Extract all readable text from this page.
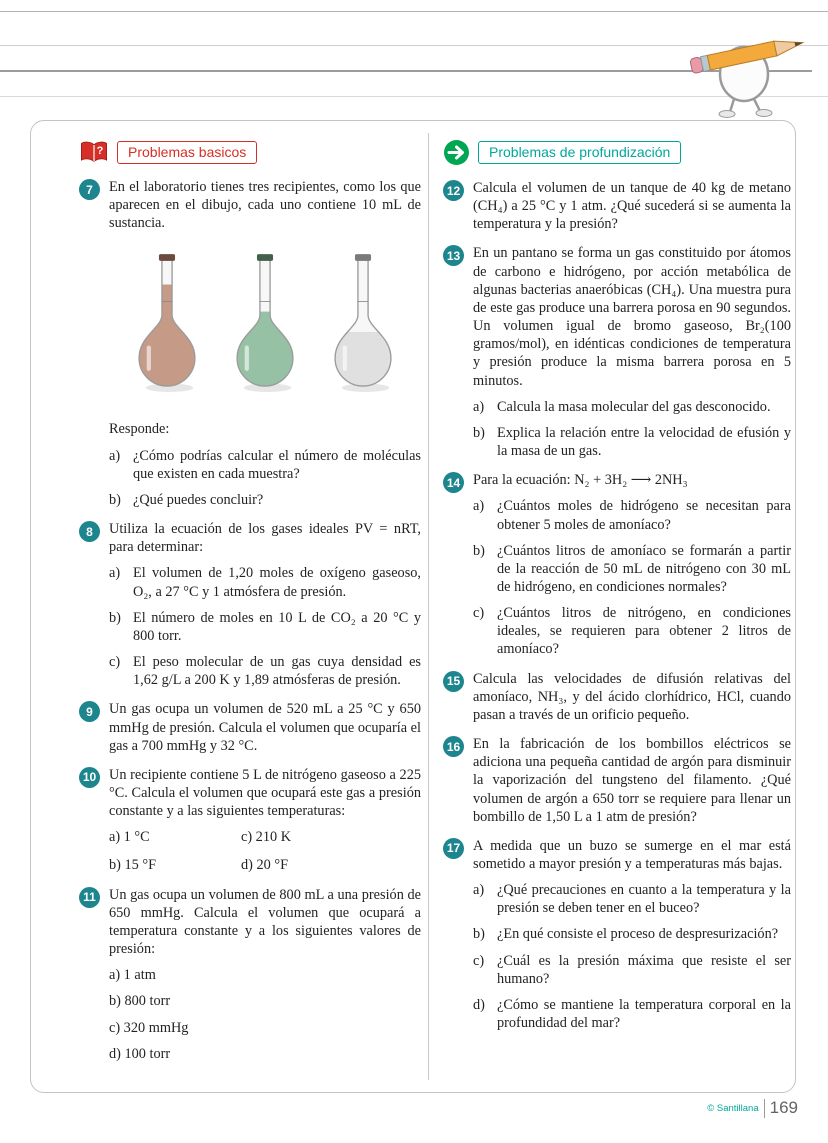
?	Problemas basicos
7	En el laboratorio tienes tres recipientes, como los que aparecen en el dibujo, cada uno contiene 10 mL de sustancia.
Responde:
a) ¿Cómo podrías calcular el número de moléculas que existen en cada muestra?
b) ¿Qué puedes concluir?
8	Utiliza la ecuación de los gases ideales PV = nRT, para determinar:
a) El volumen de 1,20 moles de oxígeno gaseoso, O₂, a 27 °C y 1 atmósfera de presión.
b) El número de moles en 10 L de CO₂ a 20 °C y 800 torr.
c) El peso molecular de un gas cuya densidad es 1,62 g/L a 200 K y 1,89 atmósferas de presión.
9	Un gas ocupa un volumen de 520 mL a 25 °C y 650 mmHg de presión. Calcula el volumen que ocuparía el gas a 700 mmHg y 32 °C.
10 Un recipiente contiene 5 L de nitrógeno gaseoso a 225 °C. Calcula el volumen que ocupará este gas a presión constante y a las siguientes temperaturas:
a) 1 °C	c) 210 K
b) 15 °F	d) 20 °F
11 Un gas ocupa un volumen de 800 mL a una presión de 650 mmHg. Calcula el volumen que ocupará a temperatura constante y a los siguientes valores de presión:
a) 1 atm
b) 800 torr
c) 320 mmHg
d) 100 torr
Problemas de profundización
12 Calcula el volumen de un tanque de 40 kg de metano (CH₄) a 25 °C y 1 atm. ¿Qué sucederá si se aumenta la temperatura y la presión?
13 En un pantano se forma un gas constituido por átomos de carbono e hidrógeno, por acción metabólica de algunas bacterias anaeróbicas (CH₄). Una muestra pura de este gas produce una barrera porosa en 90 segundos. Un volumen igual de bromo gaseoso, Br₂(100 gramos/mol), en idénticas condiciones de temperatura y presión produce la misma barrera porosa en 5 minutos.
a) Calcula la masa molecular del gas desconocido.
b) Explica la relación entre la velocidad de efusión y la masa de un gas.
14 Para la ecuación: N₂ + 3H₂ ⟶ 2NH₃
a) ¿Cuántos moles de hidrógeno se necesitan para obtener 5 moles de amoníaco?
b) ¿Cuántos litros de amoníaco se formarán a partir de la reacción de 50 mL de nitrógeno con 30 mL de hidrógeno, en condiciones normales?
c) ¿Cuántos litros de nitrógeno, en condiciones ideales, se requieren para obtener 2 litros de amoníaco?
15 Calcula las velocidades de difusión relativas del amoníaco, NH₃, y del ácido clorhídrico, HCl, cuando pasan a través de un orificio pequeño.
16 En la fabricación de los bombillos eléctricos se adiciona una pequeña cantidad de argón para disminuir la vaporización del tungsteno del filamento. ¿Qué volumen de argón a 650 torr se requiere para llenar un bombillo de 1,50 L a 1 atm de presión?
17 A medida que un buzo se sumerge en el mar está sometido a mayor presión y a temperaturas más bajas.
a) ¿Qué precauciones en cuanto a la temperatura y la presión se deben tener en el buceo?
b) ¿En qué consiste el proceso de despresurización?
c) ¿Cuál es la presión máxima que resiste el ser humano?
d) ¿Cómo se mantiene la temperatura corporal en la profundidad del mar?
© Santillana 169
